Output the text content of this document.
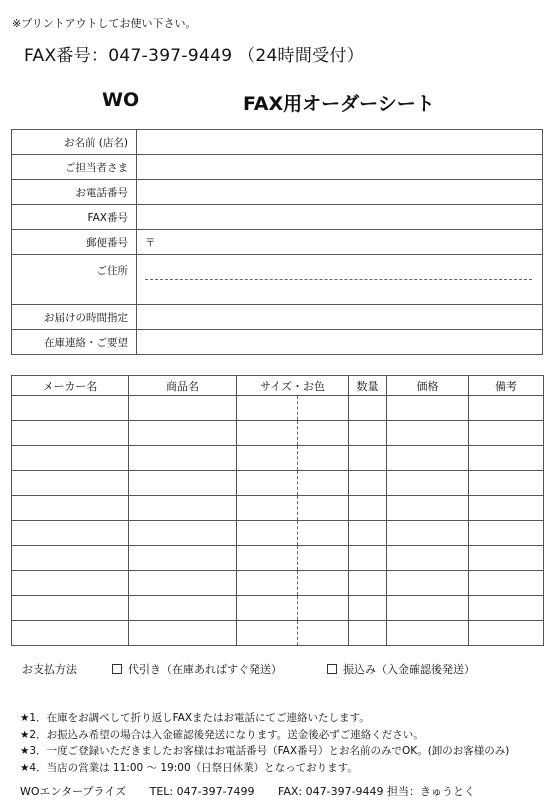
※プリントアウトしてお使い下さい。
FAX番号：047-397-9449 （24時間受付）
WO	FAX用オーダーシート
お名前 (店名)	
ご担当者さま	
お電話番号	
FAX番号	
郵便番号	〒
ご住所	

お届けの時間指定	
在庫連絡・ご要望	
メーカー名	商品名	サイズ・お色		数量	価格	備考

お支払方法	代引き（在庫あればすぐ発送）	振込み（入金確認後発送）
★1．在庫をお調べして折り返しFAXまたはお電話にてご連絡いたします。
★2．お振込み希望の場合は入金確認後発送になります。送金後必ずご連絡ください。
★3．一度ご登録いただきましたお客様はお電話番号（FAX番号）とお名前のみでOK。(卸のお客様のみ)
★4．当店の営業は 11:00 ～ 19:00（日祭日休業）となっております。
WOエンタープライズ TEL: 047-397-7499 FAX: 047-397-9449 担当：きゅうとく
